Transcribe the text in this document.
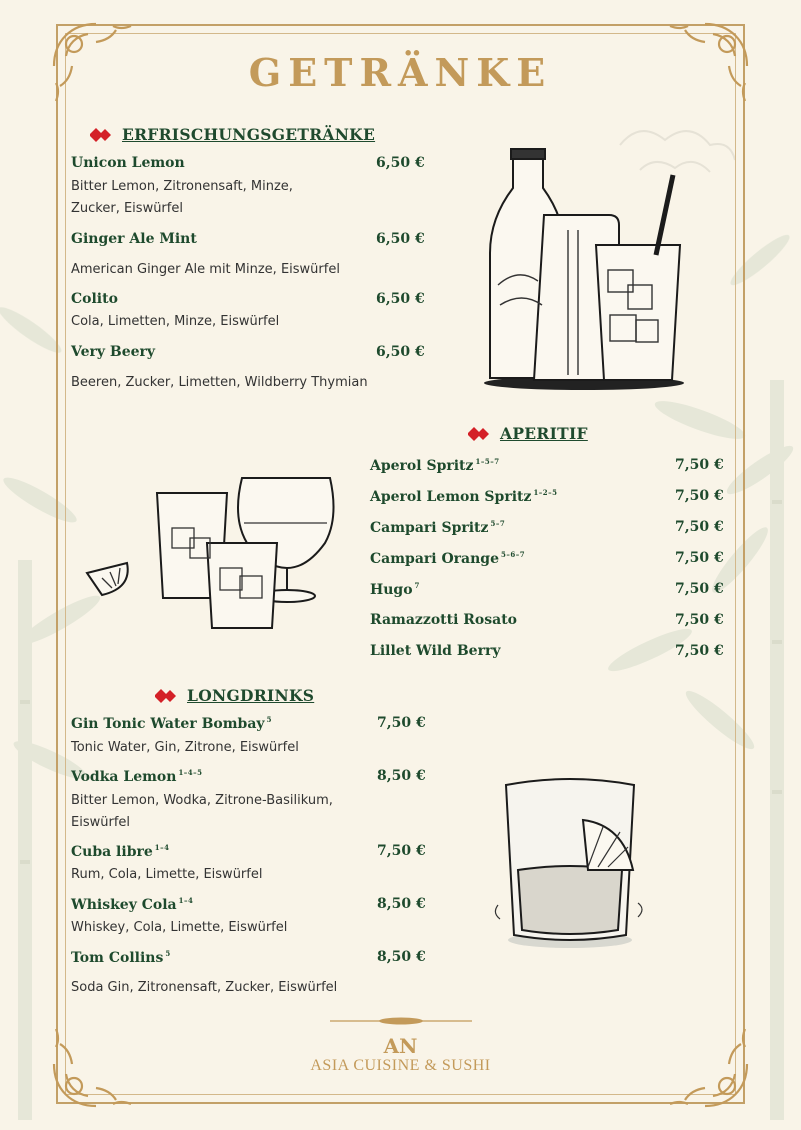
GETRÄNKE
ERFRISCHUNGSGETRÄNKE
Unicon Lemon	6,50 €
Bitter Lemon, Zitronensaft, Minze, Zucker, Eiswürfel
Ginger Ale Mint	6,50 €
American Ginger Ale mit Minze, Eiswürfel
Colito	6,50 €
Cola, Limetten, Minze, Eiswürfel
Very Beery	6,50 €
Beeren, Zucker, Limetten, Wildberry Thymian
APERITIF
Aperol Spritz $^{1-5-7}$	7,50 €
Aperol Lemon Spritz $^{1-2-5}$	7,50 €
Campari Spritz $^{5-7}$	7,50 €
Campari Orange $^{5-6-7}$	7,50 €
Hugo $^7$	7,50 €
Ramazzotti Rosato	7,50 €
Lillet Wild Berry	7,50 €
LONGDRINKS
Gin Tonic Water Bombay $^5$	7,50 €
Tonic Water, Gin, Zitrone, Eiswürfel
Vodka Lemon $^{1-4-5}$	8,50 €
Bitter Lemon, Wodka, Zitrone-Basilikum, Eiswürfel
Cuba libre $^{1-4}$	7,50 €
Rum, Cola, Limette, Eiswürfel
Whiskey Cola $^{1-4}$	8,50 €
Whiskey, Cola, Limette, Eiswürfel
Tom Collins $^5$	8,50 €
Soda Gin, Zitronensaft, Zucker, Eiswürfel
AN
ASIA CUISINE & SUSHI
